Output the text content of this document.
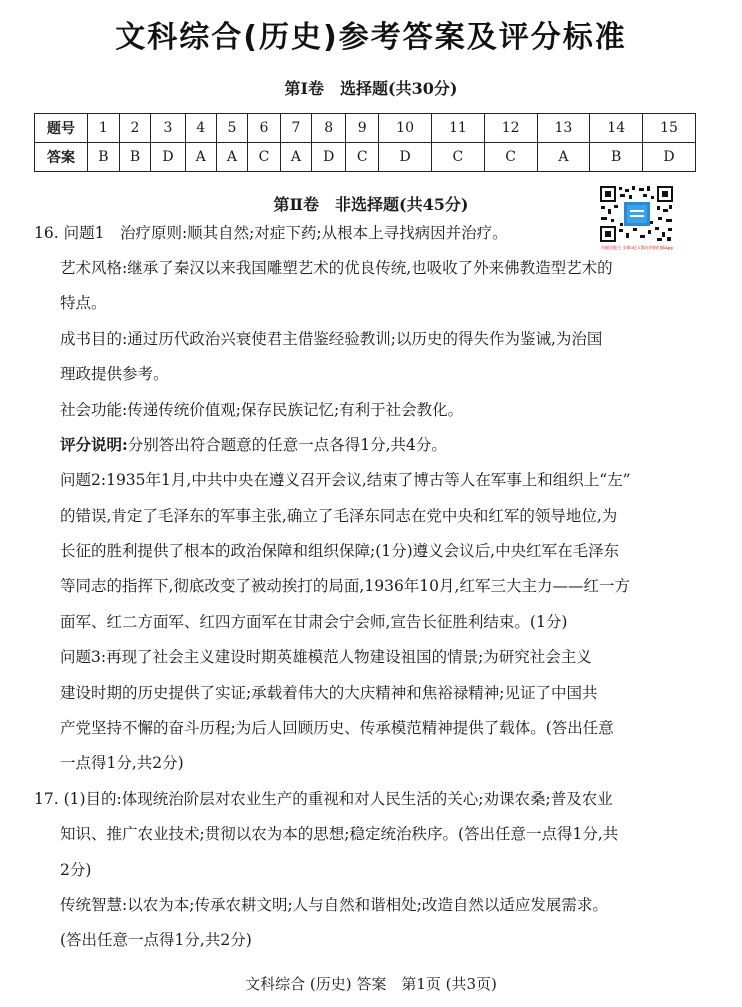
文科综合(历史)参考答案及评分标准
第Ⅰ卷　选择题(共30分)
题号	1	2	3	4	5	6	7	8	9	10	11	12	13	14	15
答案	B	B	D	A	A	C	A	D	C	D	C	C	A	B	D
第Ⅱ卷　非选择题(共45分)
扫描全能王 全球3亿人都在用的扫描App
16. 问题1　治疗原则:顺其自然;对症下药;从根本上寻找病因并治疗。
艺术风格:继承了秦汉以来我国雕塑艺术的优良传统,也吸收了外来佛教造型艺术的
特点。
成书目的:通过历代政治兴衰使君主借鉴经验教训;以历史的得失作为鉴诫,为治国
理政提供参考。
社会功能:传递传统价值观;保存民族记忆;有利于社会教化。
评分说明:分别答出符合题意的任意一点各得1分,共4分。
问题2:1935年1月,中共中央在遵义召开会议,结束了博古等人在军事上和组织上“左”
的错误,肯定了毛泽东的军事主张,确立了毛泽东同志在党中央和红军的领导地位,为
长征的胜利提供了根本的政治保障和组织保障;(1分)遵义会议后,中央红军在毛泽东
等同志的指挥下,彻底改变了被动挨打的局面,1936年10月,红军三大主力——红一方
面军、红二方面军、红四方面军在甘肃会宁会师,宣告长征胜利结束。(1分)
问题3:再现了社会主义建设时期英雄模范人物建设祖国的情景;为研究社会主义
建设时期的历史提供了实证;承载着伟大的大庆精神和焦裕禄精神;见证了中国共
产党坚持不懈的奋斗历程;为后人回顾历史、传承模范精神提供了载体。(答出任意
一点得1分,共2分)
17. (1)目的:体现统治阶层对农业生产的重视和对人民生活的关心;劝课农桑;普及农业
知识、推广农业技术;贯彻以农为本的思想;稳定统治秩序。(答出任意一点得1分,共
2分)
传统智慧:以农为本;传承农耕文明;人与自然和谐相处;改造自然以适应发展需求。
(答出任意一点得1分,共2分)
文科综合 (历史) 答案　第1页 (共3页)
